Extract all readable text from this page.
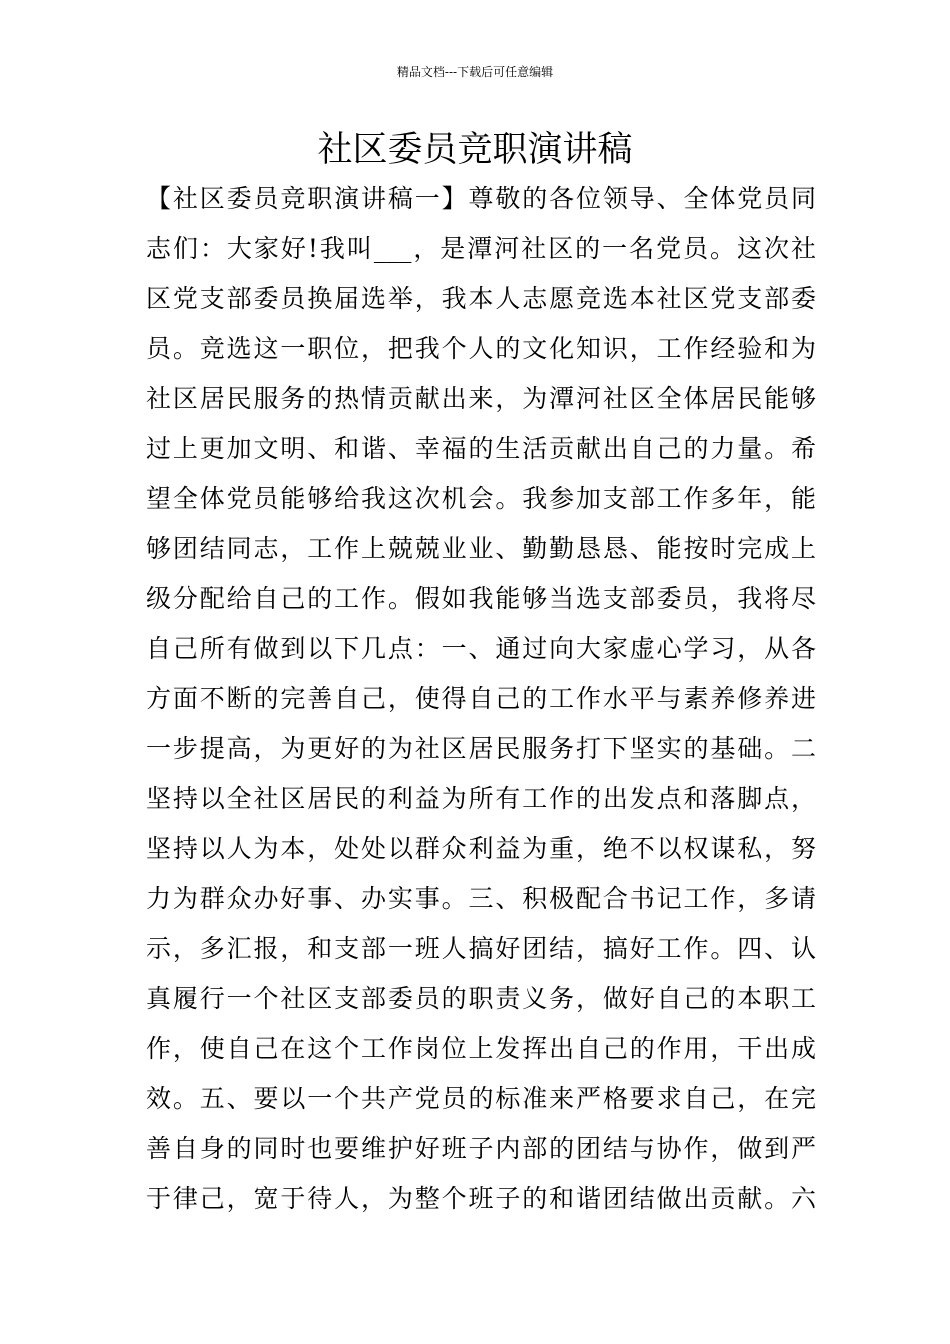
精品文档---下载后可任意编辑
社区委员竞职演讲稿
【社区委员竞职演讲稿一】尊敬的各位领导、全体党员同
志们：大家好!我叫___，是潭河社区的一名党员。这次社
区党支部委员换届选举，我本人志愿竞选本社区党支部委
员。竞选这一职位，把我个人的文化知识，工作经验和为
社区居民服务的热情贡献出来，为潭河社区全体居民能够
过上更加文明、和谐、幸福的生活贡献出自己的力量。希
望全体党员能够给我这次机会。我参加支部工作多年，能
够团结同志，工作上兢兢业业、勤勤恳恳、能按时完成上
级分配给自己的工作。假如我能够当选支部委员，我将尽
自己所有做到以下几点：一、通过向大家虚心学习，从各
方面不断的完善自己，使得自己的工作水平与素养修养进
一步提高，为更好的为社区居民服务打下坚实的基础。二
坚持以全社区居民的利益为所有工作的出发点和落脚点，
坚持以人为本，处处以群众利益为重，绝不以权谋私，努
力为群众办好事、办实事。三、积极配合书记工作，多请
示，多汇报，和支部一班人搞好团结，搞好工作。四、认
真履行一个社区支部委员的职责义务，做好自己的本职工
作，使自己在这个工作岗位上发挥出自己的作用，干出成
效。五、要以一个共产党员的标准来严格要求自己，在完
善自身的同时也要维护好班子内部的团结与协作，做到严
于律己，宽于待人，为整个班子的和谐团结做出贡献。六
